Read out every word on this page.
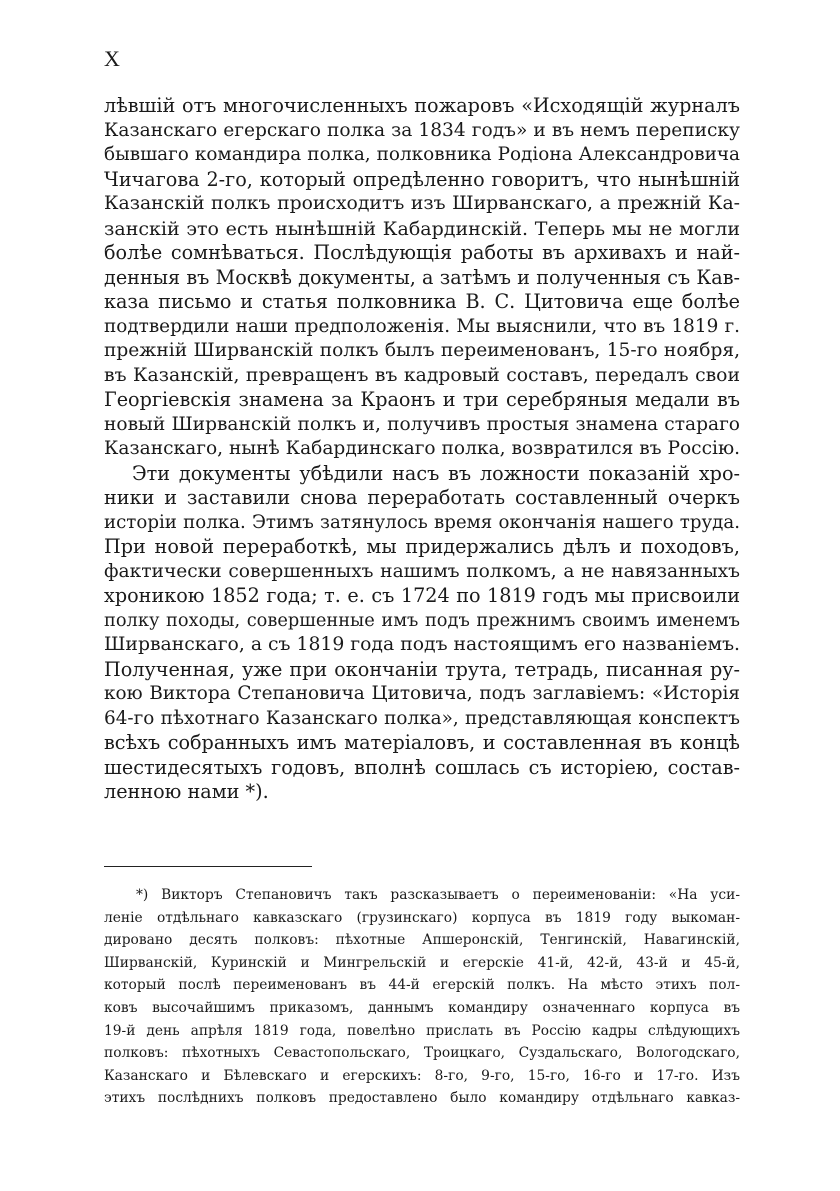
X
лѣвшій отъ многочисленныхъ пожаровъ «Исходящій журналъ
Казанскаго егерскаго полка за 1834 годъ» и въ немъ переписку
бывшаго командира полка, полковника Родіона Александровича
Чичагова 2-го, который опредѣленно говоритъ, что нынѣшній
Казанскій полкъ происходитъ изъ Ширванскаго, а прежній Ка-
занскій это есть нынѣшній Кабардинскій. Теперь мы не могли
болѣе сомнѣваться. Послѣдующія работы въ архивахъ и най-
денныя въ Москвѣ документы, а затѣмъ и полученныя съ Кав-
каза письмо и статья полковника В. С. Цитовича еще болѣе
подтвердили наши предположенія. Мы выяснили, что въ 1819 г.
прежній Ширванскій полкъ былъ переименованъ, 15-го ноября,
въ Казанскій, превращенъ въ кадровый составъ, передалъ свои
Георгіевскія знамена за Краонъ и три серебряныя медали въ
новый Ширванскій полкъ и, получивъ простыя знамена стараго
Казанскаго, нынѣ Кабардинскаго полка, возвратился въ Россію.
Эти документы убѣдили насъ въ ложности показаній хро-
ники и заставили снова переработать составленный очеркъ
исторіи полка. Этимъ затянулось время окончанія нашего труда.
При новой переработкѣ, мы придержались дѣлъ и походовъ,
фактически совершенныхъ нашимъ полкомъ, а не навязанныхъ
хроникою 1852 года; т. е. съ 1724 по 1819 годъ мы присвоили
полку походы, совершенные имъ подъ прежнимъ своимъ именемъ
Ширванскаго, а съ 1819 года подъ настоящимъ его названіемъ.
Полученная, уже при окончаніи трута, тетрадь, писанная ру-
кою Виктора Степановича Цитовича, подъ заглавіемъ: «Исторія
64-го пѣхотнаго Казанскаго полка», представляющая конспектъ
всѣхъ собранныхъ имъ матеріаловъ, и составленная въ концѣ
шестидесятыхъ годовъ, вполнѣ сошлась съ исторіею, состав-
ленною нами *).
*) Викторъ Степановичъ такъ разсказываетъ о переименованіи: «На уси-
леніе отдѣльнаго кавказскаго (грузинскаго) корпуса въ 1819 году выкоман-
дировано десять полковъ: пѣхотные Апшеронскій, Тенгинскій, Навагинскій,
Ширванскій, Куринскій и Мингрельскій и егерскіе 41-й, 42-й, 43-й и 45-й,
который послѣ переименованъ въ 44-й егерскій полкъ. На мѣсто этихъ пол-
ковъ высочайшимъ приказомъ, даннымъ командиру означеннаго корпуса въ
19-й день апрѣля 1819 года, повелѣно прислать въ Россію кадры слѣдующихъ
полковъ: пѣхотныхъ Севастопольскаго, Троицкаго, Суздальскаго, Вологодскаго,
Казанскаго и Бѣлевскаго и егерскихъ: 8-го, 9-го, 15-го, 16-го и 17-го. Изъ
этихъ послѣднихъ полковъ предоставлено было командиру отдѣльнаго кавказ-
